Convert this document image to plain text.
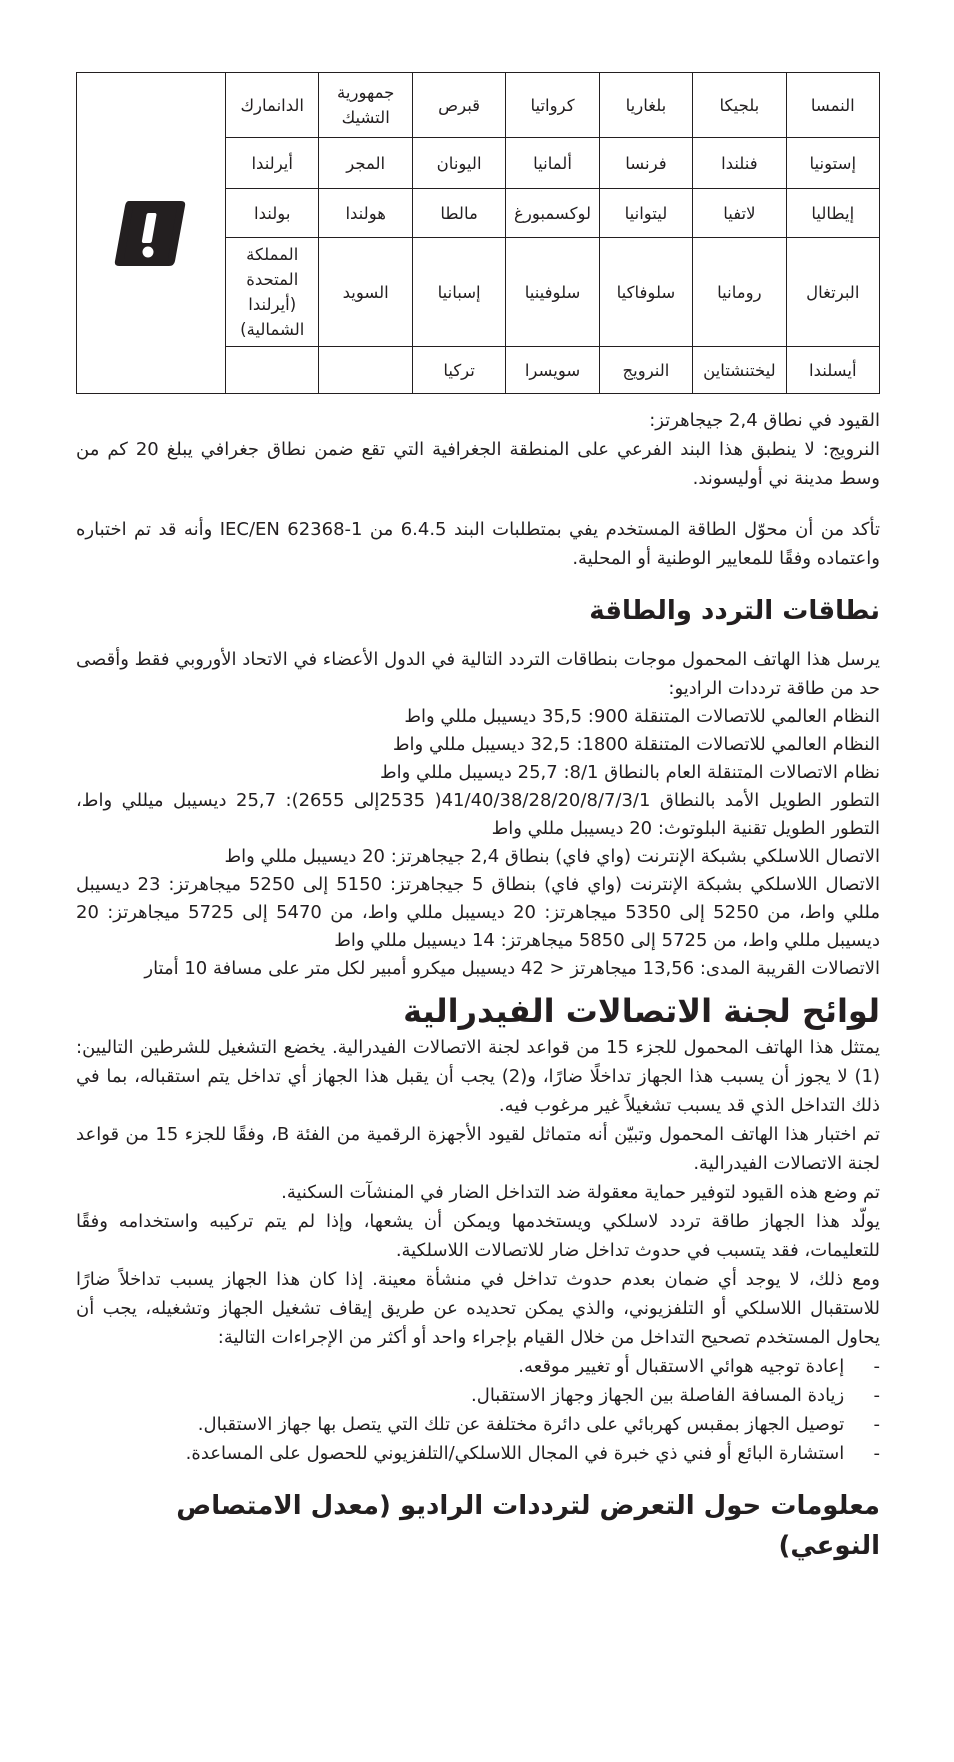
النمسا	بلجيكا	بلغاريا	كرواتيا	قبرص	جمهورية التشيك	الدانمارك	

إستونيا	فنلندا	فرنسا	ألمانيا	اليونان	المجر	أيرلندا	
إيطاليا	لاتفيا	ليتوانيا	لوكسمبورغ	مالطا	هولندا	بولندا	
البرتغال	رومانيا	سلوفاكيا	سلوفينيا	إسبانيا	السويد	المملكة المتحدة (أيرلندا الشمالية)	
أيسلندا	ليختنشتاين	النرويج	سويسرا	تركيا			

القيود في نطاق 2,4 جيجاهرتز:

النرويج: لا ينطبق هذا البند الفرعي على المنطقة الجغرافية التي تقع ضمن نطاق جغرافي يبلغ 20 كم من وسط مدينة ني أوليسوند.

تأكد من أن محوّل الطاقة المستخدم يفي بمتطلبات البند 6.4.5 من IEC/EN 62368-1 وأنه قد تم اختباره واعتماده وفقًا للمعايير الوطنية أو المحلية.

نطاقات التردد والطاقة

يرسل هذا الهاتف المحمول موجات بنطاقات التردد التالية في الدول الأعضاء في الاتحاد الأوروبي فقط وأقصى حد من طاقة ترددات الراديو:

النظام العالمي للاتصالات المتنقلة 900: 35,5 ديسيبل مللي واط

النظام العالمي للاتصالات المتنقلة 1800: 32,5 ديسيبل مللي واط

نظام الاتصالات المتنقلة العام بالنطاق 8/1: 25,7 ديسيبل مللي واط

التطور الطويل الأمد بالنطاق 41/40/38/28/20/8/7/3/1( 2535إلى 2655): 25,7 ديسيبل ميللي واط، التطور الطويل تقنية البلوتوث: 20 ديسيبل مللي واط

الاتصال اللاسلكي بشبكة الإنترنت (واي فاي) بنطاق 2,4 جيجاهرتز: 20 ديسيبل مللي واط

الاتصال اللاسلكي بشبكة الإنترنت (واي فاي) بنطاق 5 جيجاهرتز: 5150 إلى 5250 ميجاهرتز: 23 ديسيبل مللي واط، من 5250 إلى 5350 ميجاهرتز: 20 ديسيبل مللي واط، من 5470 إلى 5725 ميجاهرتز: 20 ديسيبل مللي واط، من 5725 إلى 5850 ميجاهرتز: 14 ديسيبل مللي واط

الاتصالات القريبة المدى: 13,56 ميجاهرتز < 42 ديسيبل ميكرو أمبير لكل متر على مسافة 10 أمتار

لوائح لجنة الاتصالات الفيدرالية

يمتثل هذا الهاتف المحمول للجزء 15 من قواعد لجنة الاتصالات الفيدرالية. يخضع التشغيل للشرطين التاليين: (1) لا يجوز أن يسبب هذا الجهاز تداخلًا ضارًا، و(2) يجب أن يقبل هذا الجهاز أي تداخل يتم استقباله، بما في ذلك التداخل الذي قد يسبب تشغيلاً غير مرغوب فيه.

تم اختبار هذا الهاتف المحمول وتبيّن أنه متماثل لقيود الأجهزة الرقمية من الفئة B، وفقًا للجزء 15 من قواعد لجنة الاتصالات الفيدرالية.

تم وضع هذه القيود لتوفير حماية معقولة ضد التداخل الضار في المنشآت السكنية.

يولّد هذا الجهاز طاقة تردد لاسلكي ويستخدمها ويمكن أن يشعها، وإذا لم يتم تركيبه واستخدامه وفقًا للتعليمات، فقد يتسبب في حدوث تداخل ضار للاتصالات اللاسلكية.

ومع ذلك، لا يوجد أي ضمان بعدم حدوث تداخل في منشأة معينة. إذا كان هذا الجهاز يسبب تداخلاً ضارًا للاستقبال اللاسلكي أو التلفزيوني، والذي يمكن تحديده عن طريق إيقاف تشغيل الجهاز وتشغيله، يجب أن يحاول المستخدم تصحيح التداخل من خلال القيام بإجراء واحد أو أكثر من الإجراءات التالية:

- إعادة توجيه هوائي الاستقبال أو تغيير موقعه.
- زيادة المسافة الفاصلة بين الجهاز وجهاز الاستقبال.
- توصيل الجهاز بمقبس كهربائي على دائرة مختلفة عن تلك التي يتصل بها جهاز الاستقبال.
- استشارة البائع أو فني ذي خبرة في المجال اللاسلكي/التلفزيوني للحصول على المساعدة.
معلومات حول التعرض لترددات الراديو (معدل الامتصاص النوعي)
